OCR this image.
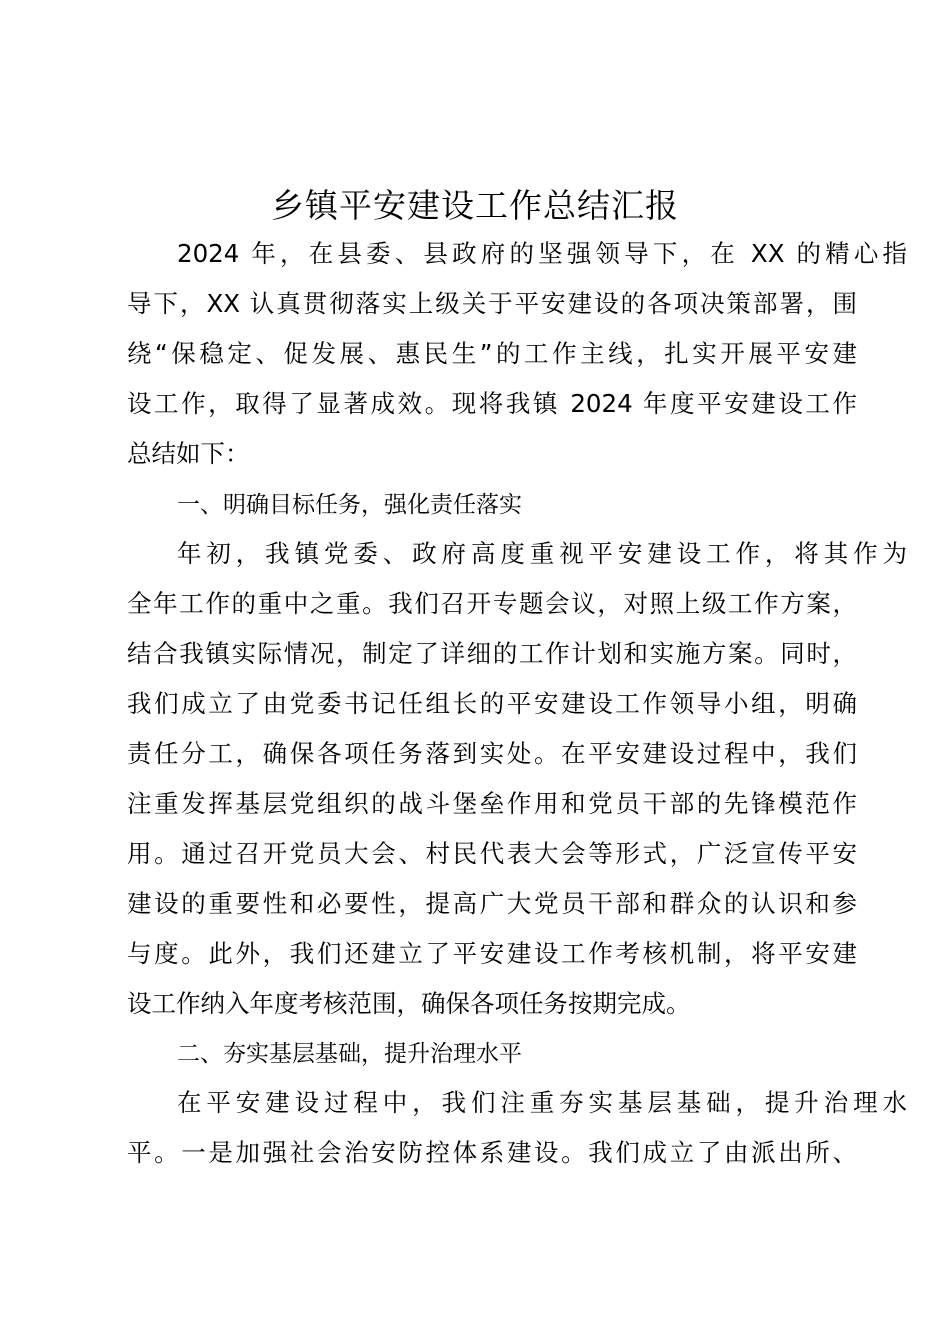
乡镇平安建设工作总结汇报
2024 年，在县委、县政府的坚强领导下，在 XX 的精心指
导下，XX 认真贯彻落实上级关于平安建设的各项决策部署，围
绕“保稳定、促发展、惠民生”的工作主线，扎实开展平安建
设工作，取得了显著成效。现将我镇 2024 年度平安建设工作
总结如下：
一、明确目标任务，强化责任落实
年初，我镇党委、政府高度重视平安建设工作，将其作为
全年工作的重中之重。我们召开专题会议，对照上级工作方案，
结合我镇实际情况，制定了详细的工作计划和实施方案。同时，
我们成立了由党委书记任组长的平安建设工作领导小组，明确
责任分工，确保各项任务落到实处。在平安建设过程中，我们
注重发挥基层党组织的战斗堡垒作用和党员干部的先锋模范作
用。通过召开党员大会、村民代表大会等形式，广泛宣传平安
建设的重要性和必要性，提高广大党员干部和群众的认识和参
与度。此外，我们还建立了平安建设工作考核机制，将平安建
设工作纳入年度考核范围，确保各项任务按期完成。
二、夯实基层基础，提升治理水平
在平安建设过程中，我们注重夯实基层基础，提升治理水
平。一是加强社会治安防控体系建设。我们成立了由派出所、
